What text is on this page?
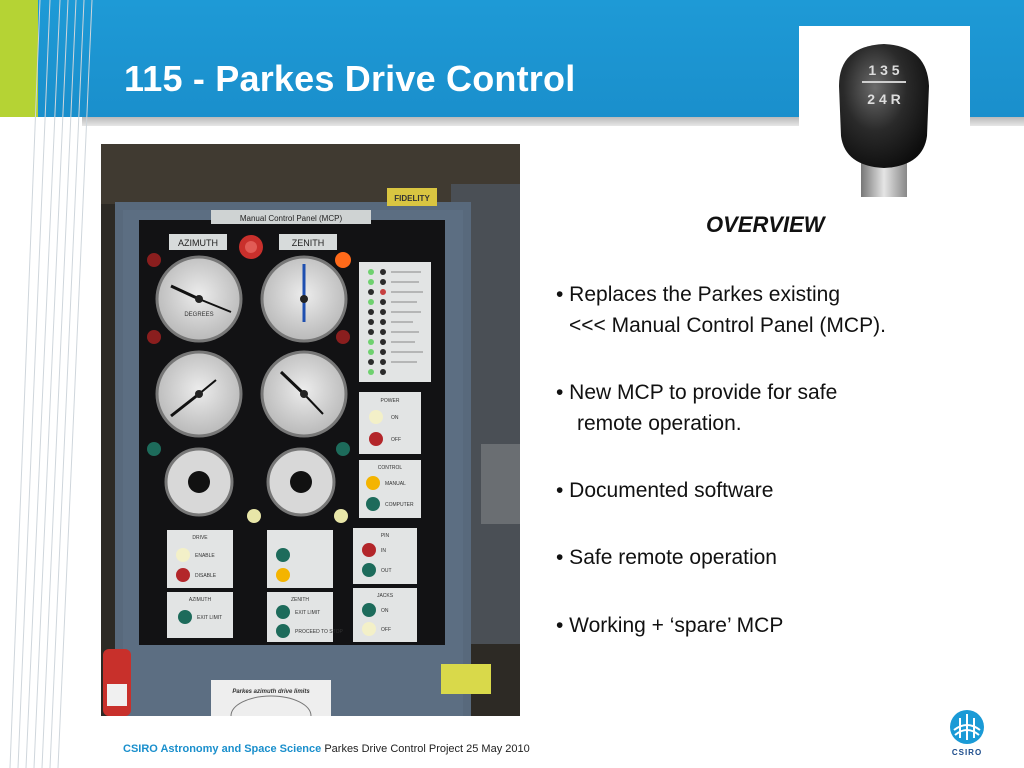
115 - Parkes Drive Control	1 3 5
2 4 R
Manual Control Panel (MCP)
FIDELITY
AZIMUTH	ZENITH
DEGREES
POWER
ON
OFF
CONTROL
MANUAL
COMPUTER
DRIVE
ENABLE
DISABLE
PIN
IN
OUT
AZIMUTH
EXIT LIMIT
ZENITH
EXIT LIMIT
PROCEED TO STOP
JACKS
ON
OFF
Parkes azimuth drive limits
OVERVIEW
• Replaces the Parkes existing
<<< Manual Control Panel (MCP).
• New MCP to provide for safe
remote operation.
• Documented software
• Safe remote operation
• Working + ‘spare’ MCP
CSIRO Astronomy and Space Science Parkes Drive Control Project 25 May 2010	CSIRO
